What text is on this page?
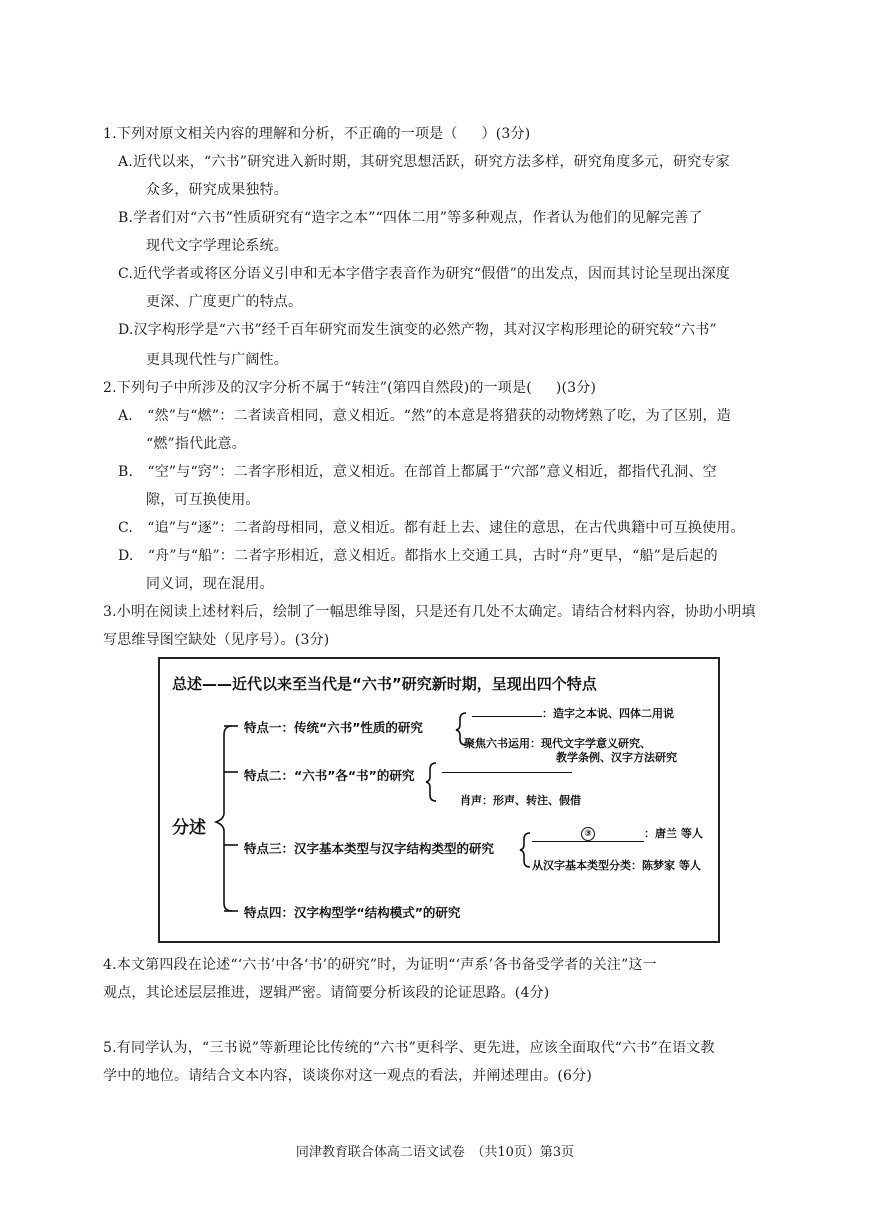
1.下列对原文相关内容的理解和分析，不正确的一项是（ ）(3分)
A.近代以来，“六书”研究进入新时期，其研究思想活跃，研究方法多样，研究角度多元，研究专家
众多，研究成果独特。
B.学者们对“六书”性质研究有“造字之本”“四体二用”等多种观点，作者认为他们的见解完善了
现代文字学理论系统。
C.近代学者或将区分语义引申和无本字借字表音作为研究“假借”的出发点，因而其讨论呈现出深度
更深、广度更广的特点。
D.汉字构形学是“六书”经千百年研究而发生演变的必然产物，其对汉字构形理论的研究较“六书”
更具现代性与广阔性。
2.下列句子中所涉及的汉字分析不属于“转注”(第四自然段)的一项是( )(3分)
A.　“然”与“燃”：二者读音相同，意义相近。“然”的本意是将猎获的动物烤熟了吃，为了区别，造
“燃”指代此意。
B.　“空”与“窍”：二者字形相近，意义相近。在部首上都属于“穴部”意义相近，都指代孔洞、空
隙，可互换使用。
C.　“追”与“逐”：二者韵母相同，意义相近。都有赶上去、逮住的意思，在古代典籍中可互换使用。
D.　“舟”与“船”：二者字形相近，意义相近。都指水上交通工具，古时“舟”更早，“船”是后起的
同义词，现在混用。
3.小明在阅读上述材料后，绘制了一幅思维导图，只是还有几处不太确定。请结合材料内容，协助小明填
写思维导图空缺处（见序号）。(3分)
总述——近代以来至当代是“六书”研究新时期，呈现出四个特点
分述
特点一：传统“六书”性质的研究
：造字之本说、四体二用说
聚焦六书运用：现代文字学意义研究、
教学条例、汉字方法研究
特点二：“六书”各“书”的研究
肖声：形声、转注、假借
特点三：汉字基本类型与汉字结构类型的研究
③	：唐兰 等人
从汉字基本类型分类：陈梦家 等人
特点四：汉字构型学“结构模式”的研究
4.本文第四段在论述“‘六书’中各‘书’的研究”时，为证明“‘声系’各书备受学者的关注”这一
观点，其论述层层推进，逻辑严密。请简要分析该段的论证思路。(4分)
5.有同学认为，“三书说”等新理论比传统的“六书”更科学、更先进，应该全面取代“六书”在语文教
学中的地位。请结合文本内容，谈谈你对这一观点的看法，并阐述理由。(6分)
同津教育联合体高二语文试卷　（共10页）第3页
